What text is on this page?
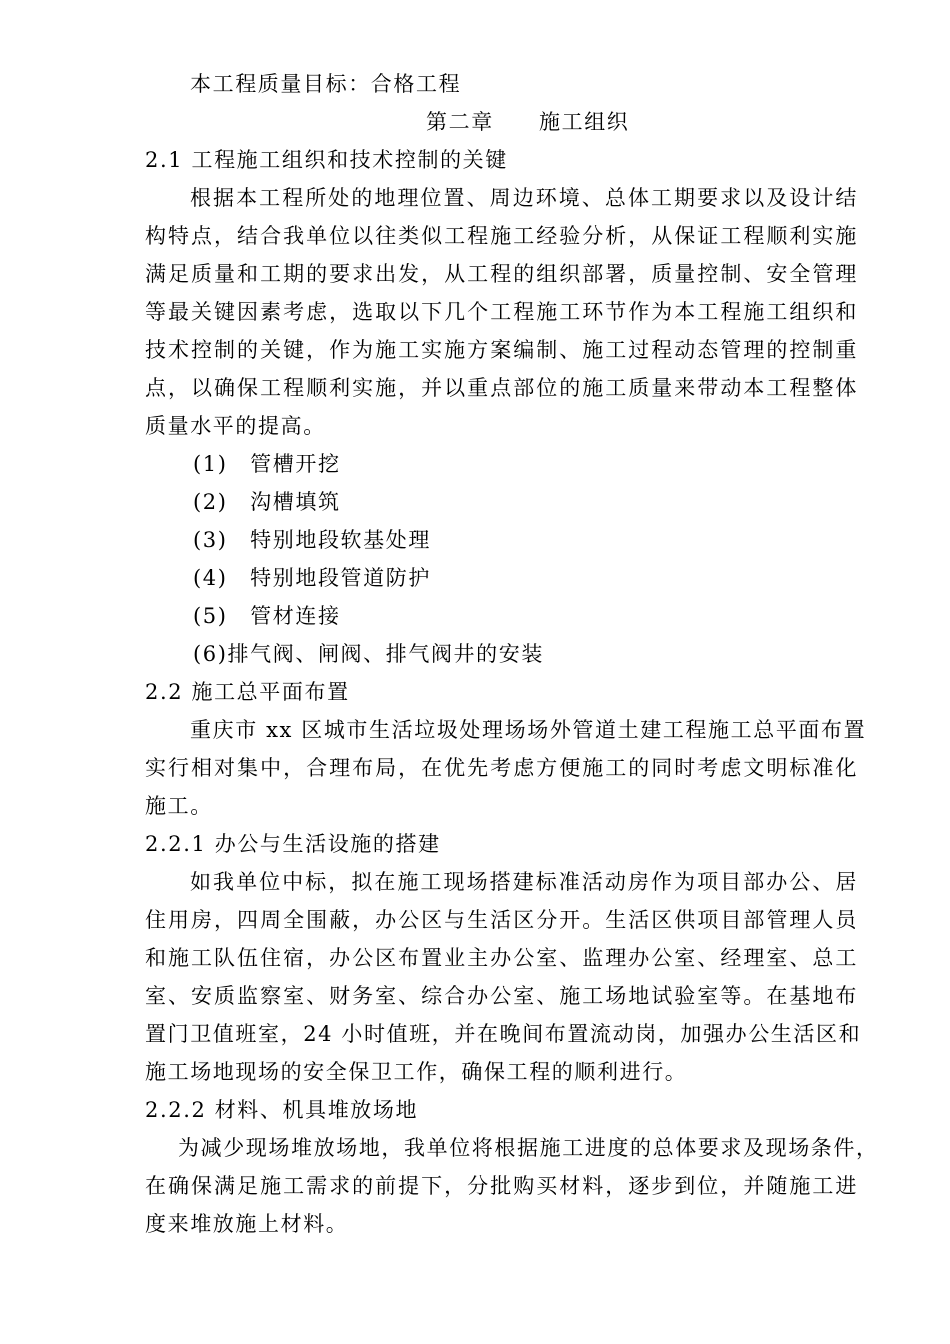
本工程质量目标：合格工程
第二章　　施工组织
2.1 工程施工组织和技术控制的关键
根据本工程所处的地理位置、周边环境、总体工期要求以及设计结
构特点，结合我单位以往类似工程施工经验分析，从保证工程顺利实施
满足质量和工期的要求出发，从工程的组织部署，质量控制、安全管理
等最关键因素考虑，选取以下几个工程施工环节作为本工程施工组织和
技术控制的关键，作为施工实施方案编制、施工过程动态管理的控制重
点，以确保工程顺利实施，并以重点部位的施工质量来带动本工程整体
质量水平的提高。
(1)　管槽开挖
(2)　沟槽填筑
(3)　特别地段软基处理
(4)　特别地段管道防护
(5)　管材连接
(6)排气阀、闸阀、排气阀井的安装
2.2 施工总平面布置
重庆市 xx 区城市生活垃圾处理场场外管道土建工程施工总平面布置
实行相对集中，合理布局，在优先考虑方便施工的同时考虑文明标准化
施工。
2.2.1 办公与生活设施的搭建
如我单位中标，拟在施工现场搭建标准活动房作为项目部办公、居
住用房，四周全围蔽，办公区与生活区分开。生活区供项目部管理人员
和施工队伍住宿，办公区布置业主办公室、监理办公室、经理室、总工
室、安质监察室、财务室、综合办公室、施工场地试验室等。在基地布
置门卫值班室，24 小时值班，并在晚间布置流动岗，加强办公生活区和
施工场地现场的安全保卫工作，确保工程的顺利进行。
2.2.2 材料、机具堆放场地
为减少现场堆放场地，我单位将根据施工进度的总体要求及现场条件，
在确保满足施工需求的前提下，分批购买材料，逐步到位，并随施工进
度来堆放施上材料。
